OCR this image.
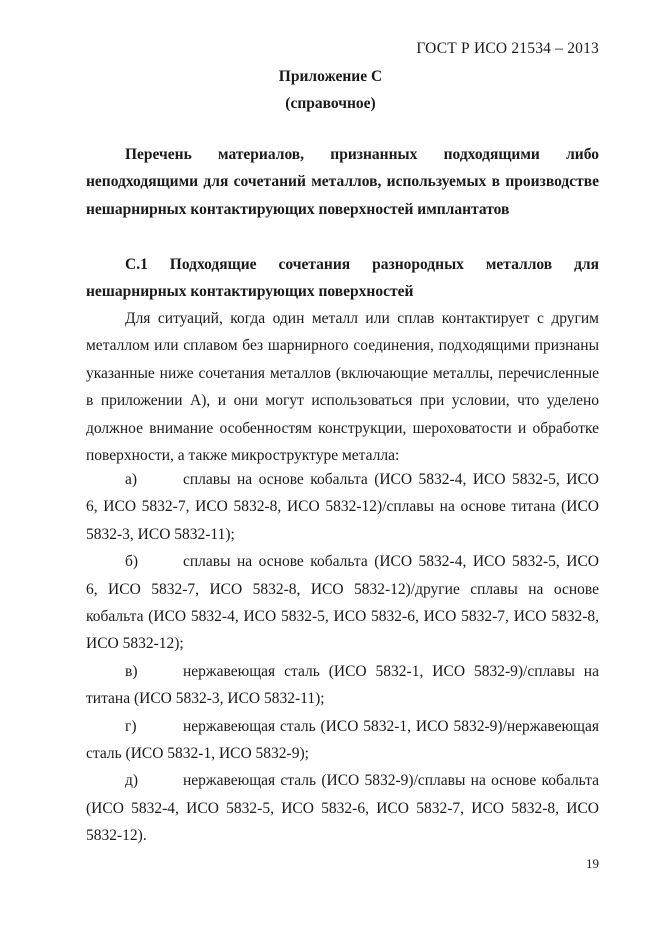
ГОСТ Р ИСО 21534 – 2013
Приложение С
(справочное)
Перечень материалов, признанных подходящими либо
неподходящими для сочетаний металлов, используемых в производстве
нешарнирных контактирующих поверхностей имплантатов
С.1 Подходящие сочетания разнородных металлов для
нешарнирных контактирующих поверхностей
Для ситуаций, когда один металл или сплав контактирует с другим
металлом или сплавом без шарнирного соединения, подходящими признаны
указанные ниже сочетания металлов (включающие металлы, перечисленные
в приложении А), и они могут использоваться при условии, что уделено
должное внимание особенностям конструкции, шероховатости и обработке
поверхности, а также микроструктуре металла:
а)	сплавы на основе кобальта (ИСО 5832-4, ИСО 5832-5, ИСО
6, ИСО 5832-7, ИСО 5832-8, ИСО 5832-12)/сплавы на основе титана (ИСО
5832-3, ИСО 5832-11);
б)	сплавы на основе кобальта (ИСО 5832-4, ИСО 5832-5, ИСО
6, ИСО 5832-7, ИСО 5832-8, ИСО 5832-12)/другие сплавы на основе
кобальта (ИСО 5832-4, ИСО 5832-5, ИСО 5832-6, ИСО 5832-7, ИСО 5832-8,
ИСО 5832-12);
в)	нержавеющая сталь (ИСО 5832-1, ИСО 5832-9)/сплавы на
титана (ИСО 5832-3, ИСО 5832-11);
г)	нержавеющая сталь (ИСО 5832-1, ИСО 5832-9)/нержавеющая
сталь (ИСО 5832-1, ИСО 5832-9);
д)	нержавеющая сталь (ИСО 5832-9)/сплавы на основе кобальта
(ИСО 5832-4, ИСО 5832-5, ИСО 5832-6, ИСО 5832-7, ИСО 5832-8, ИСО
5832-12).
19
